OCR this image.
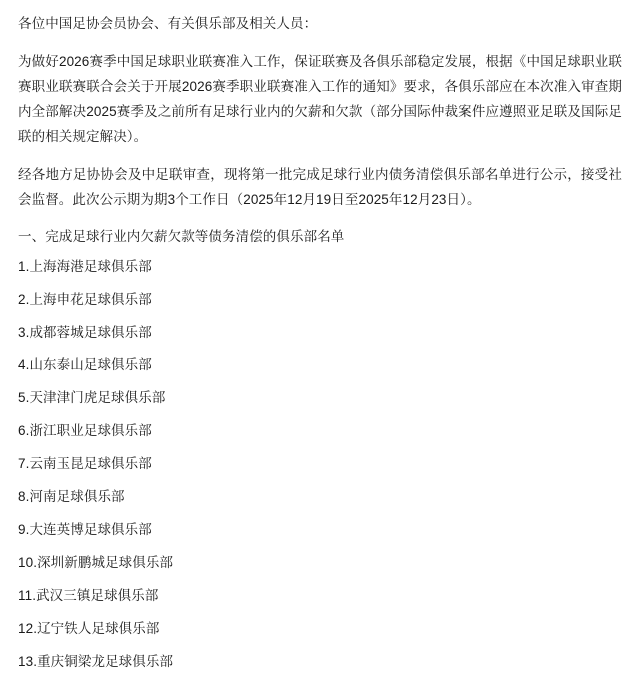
各位中国足协会员协会、有关俱乐部及相关人员：

为做好2026赛季中国足球职业联赛准入工作，保证联赛及各俱乐部稳定发展，根据《中国足球职业联赛职业联赛联合会关于开展2026赛季职业联赛准入工作的通知》要求，各俱乐部应在本次准入审查期内全部解决2025赛季及之前所有足球行业内的欠薪和欠款（部分国际仲裁案件应遵照亚足联及国际足联的相关规定解决）。

经各地方足协协会及中足联审查，现将第一批完成足球行业内债务清偿俱乐部名单进行公示，接受社会监督。此次公示期为期3个工作日（2025年12月19日至2025年12月23日）。

一、完成足球行业内欠薪欠款等债务清偿的俱乐部名单

1.上海海港足球俱乐部
2.上海申花足球俱乐部
3.成都蓉城足球俱乐部
4.山东泰山足球俱乐部
5.天津津门虎足球俱乐部
6.浙江职业足球俱乐部
7.云南玉昆足球俱乐部
8.河南足球俱乐部
9.大连英博足球俱乐部
10.深圳新鹏城足球俱乐部
11.武汉三镇足球俱乐部
12.辽宁铁人足球俱乐部
13.重庆铜梁龙足球俱乐部
